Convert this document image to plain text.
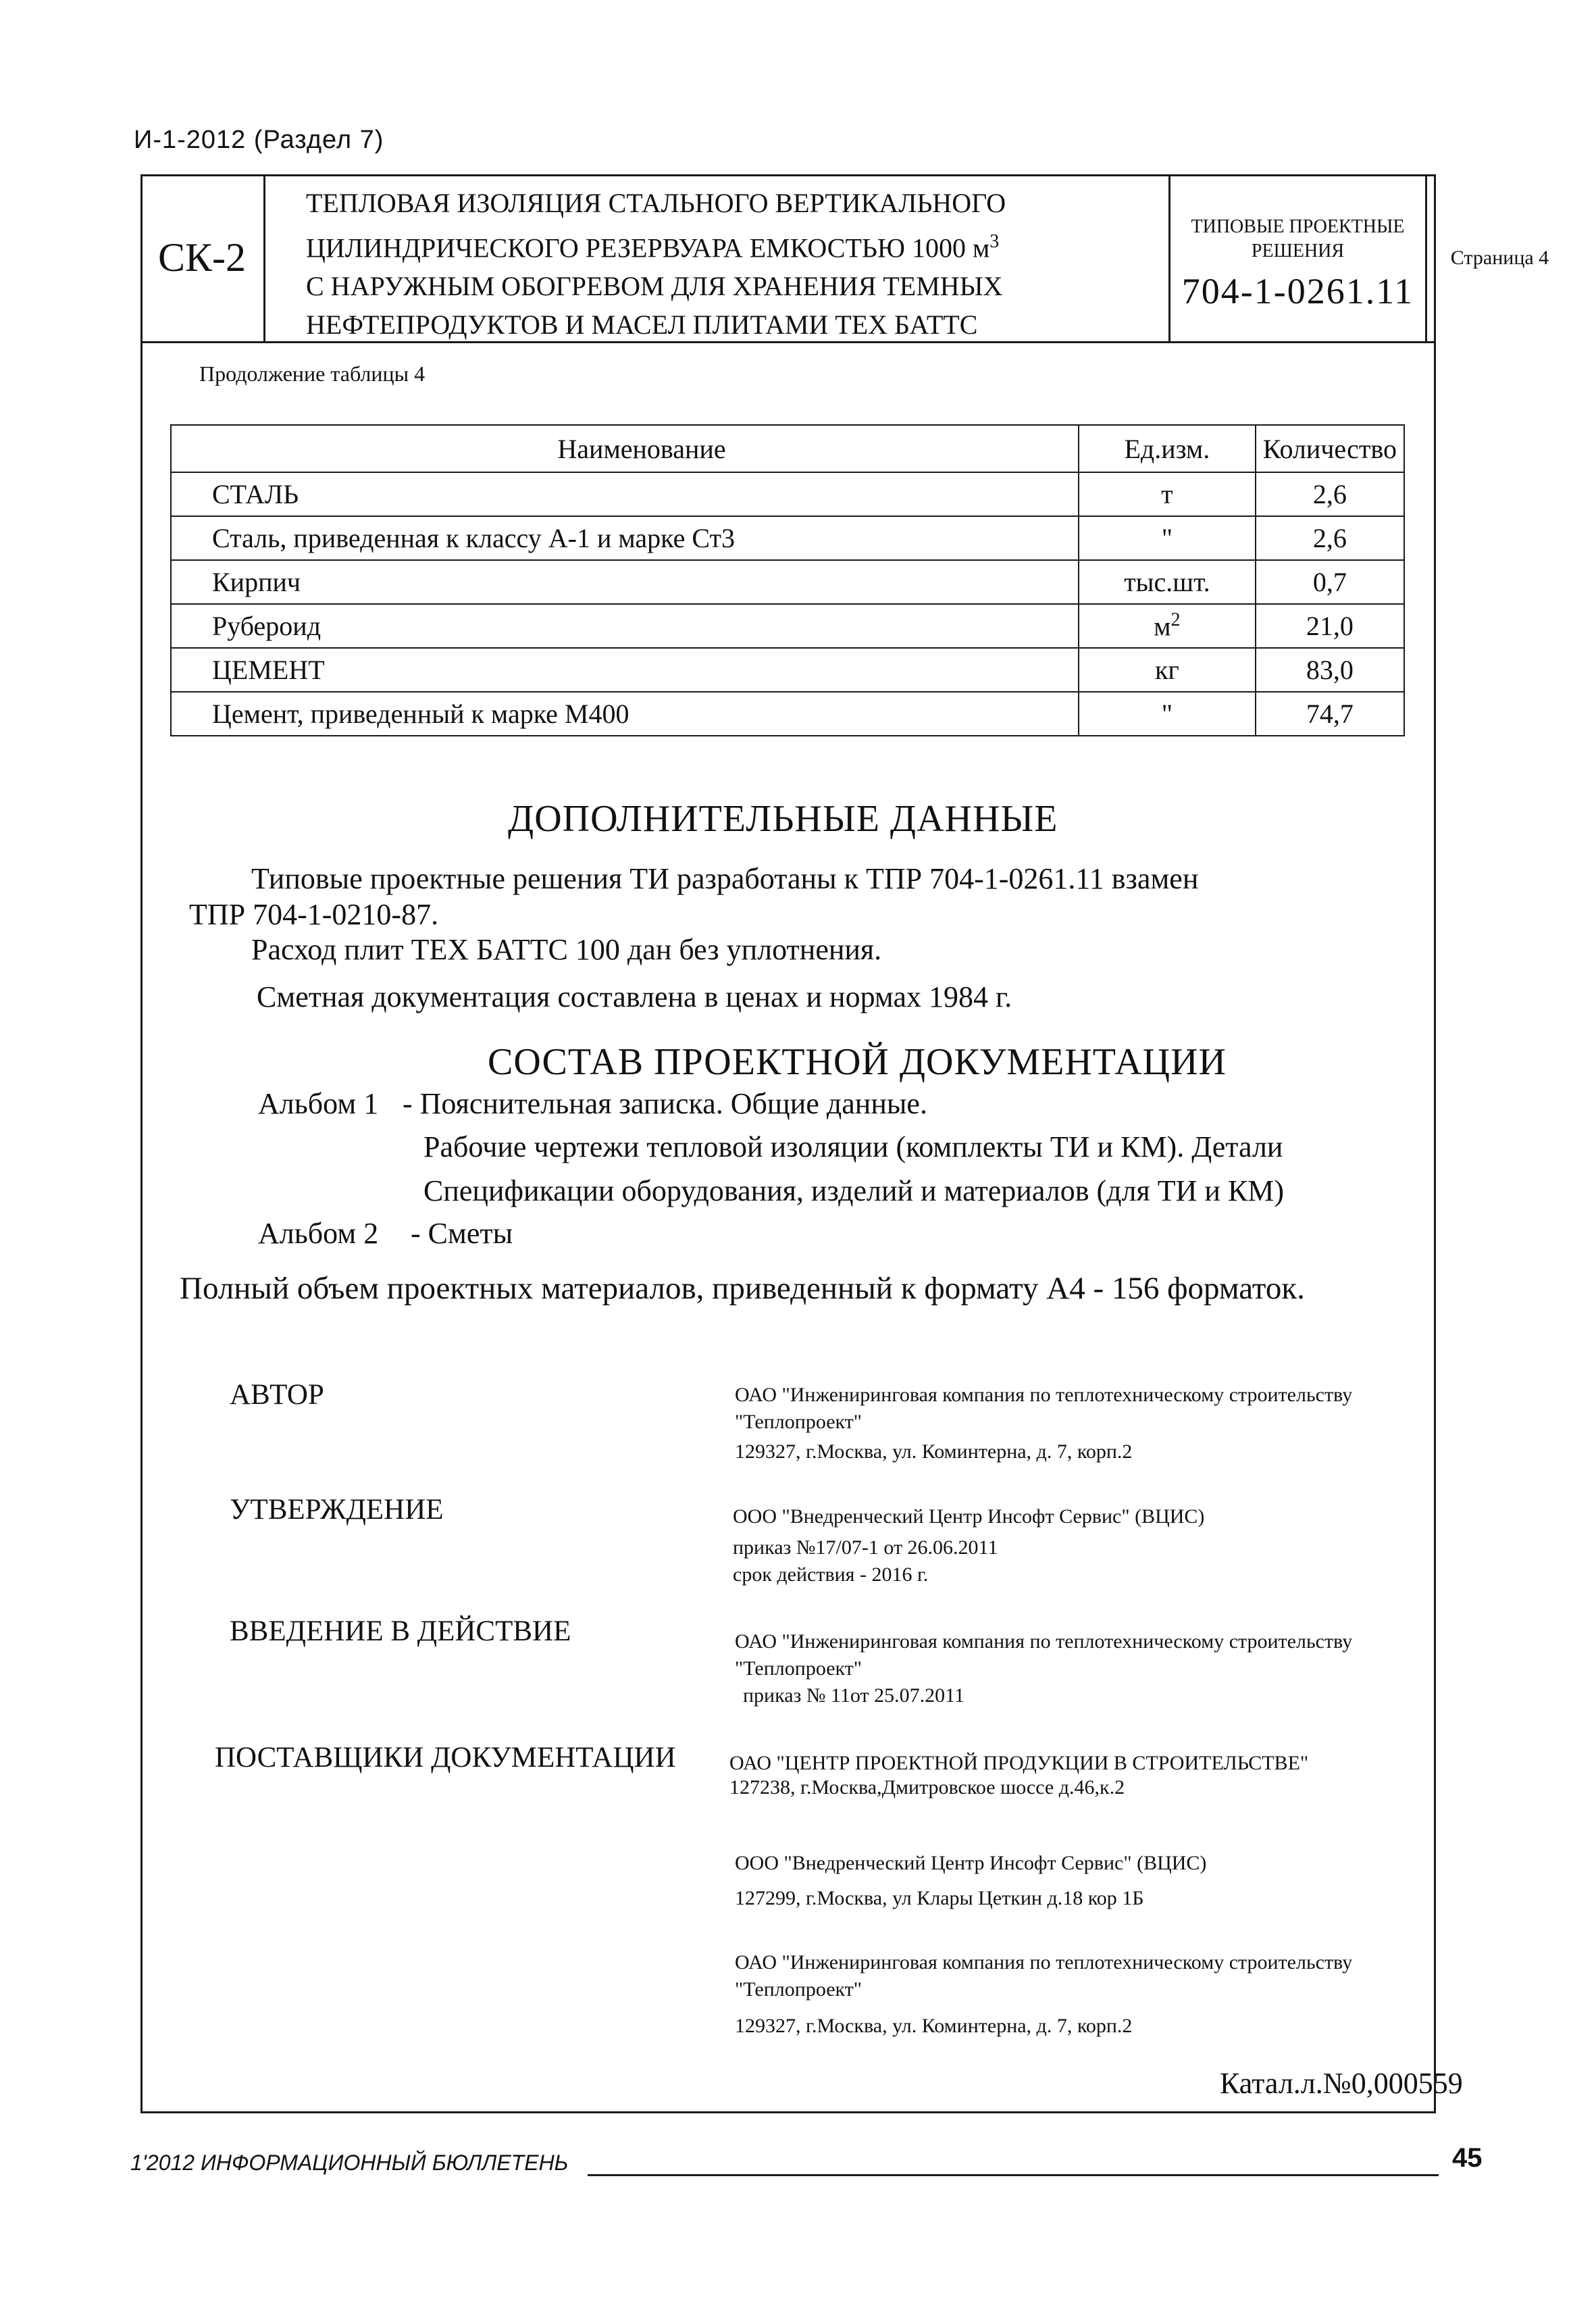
И-1-2012 (Раздел 7)
СК-2
ТЕПЛОВАЯ ИЗОЛЯЦИЯ СТАЛЬНОГО ВЕРТИКАЛЬНОГО
ЦИЛИНДРИЧЕСКОГО РЕЗЕРВУАРА ЕМКОСТЬЮ 1000 $м^3$
С НАРУЖНЫМ ОБОГРЕВОМ ДЛЯ ХРАНЕНИЯ ТЕМНЫХ
НЕФТЕПРОДУКТОВ И МАСЕЛ ПЛИТАМИ ТЕХ БАТТС
ТИПОВЫЕ ПРОЕКТНЫЕ
РЕШЕНИЯ
704-1-0261.11
Страница 4
Продолжение таблицы 4
Наименование	Ед.изм.	Количество
СТАЛЬ	т	2,6
Сталь, приведенная к классу А-1 и марке Ст3	"	2,6
Кирпич	тыс.шт.	0,7
Рубероид	$м^2$	21,0
ЦЕМЕНТ	кг	83,0
Цемент, приведенный к марке М400	"	74,7
ДОПОЛНИТЕЛЬНЫЕ ДАННЫЕ
Типовые проектные решения ТИ разработаны к ТПР 704-1-0261.11 взамен
ТПР 704-1-0210-87.
Расход плит ТЕХ БАТТС 100 дан без уплотнения.
Сметная документация составлена в ценах и нормах 1984 г.
СОСТАВ ПРОЕКТНОЙ ДОКУМЕНТАЦИИ
Альбом 1 - Пояснительная записка. Общие данные.
Рабочие чертежи тепловой изоляции (комплекты ТИ и КМ). Детали
Спецификации оборудования, изделий и материалов (для ТИ и КМ)
Альбом 2 - Сметы
Полный объем проектных материалов, приведенный к формату А4 - 156 форматок.
АВТОР	ОАО "Инжениринговая компания по теплотехническому строительству
"Теплопроект"
129327, г.Москва, ул. Коминтерна, д. 7, корп.2
УТВЕРЖДЕНИЕ	ООО "Внедренческий Центр Инсофт Сервис" (ВЦИС)
приказ №17/07-1 от 26.06.2011
срок действия - 2016 г.
ВВЕДЕНИЕ В ДЕЙСТВИЕ	ОАО "Инжениринговая компания по теплотехническому строительству
"Теплопроект"
приказ № 11от 25.07.2011
ПОСТАВЩИКИ ДОКУМЕНТАЦИИ	ОАО "ЦЕНТР ПРОЕКТНОЙ ПРОДУКЦИИ В СТРОИТЕЛЬСТВЕ"
127238, г.Москва,Дмитровское шоссе д.46,к.2
ООО "Внедренческий Центр Инсофт Сервис" (ВЦИС)
127299, г.Москва, ул Клары Цеткин д.18 кор 1Б
ОАО "Инжениринговая компания по теплотехническому строительству
"Теплопроект"
129327, г.Москва, ул. Коминтерна, д. 7, корп.2
Катал.л.№0,000559
1'2012 ИНФОРМАЦИОННЫЙ БЮЛЛЕТЕНЬ	45
